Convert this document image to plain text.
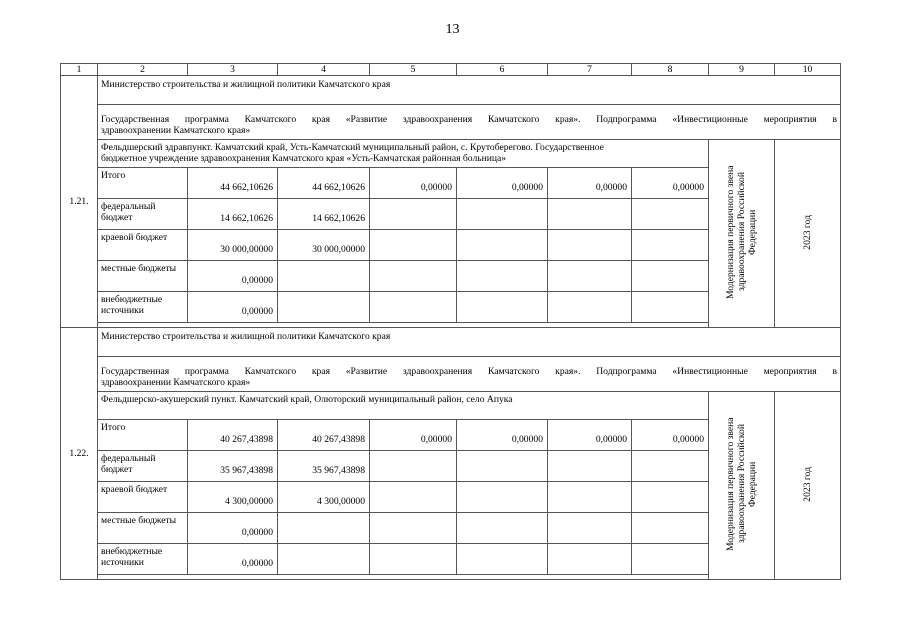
13
1	2	3	4	5	6	7	8	9	10
1.21.	Министерство строительства и жилищной политики Камчатского края								

	Государственная программа Камчатского края «Развитие здравоохранения Камчатского края». Подпрограмма «Инвестиционные мероприятия в
здравоохранении Камчатского края»								

	Фельдшерский здравпункт. Камчатский край, Усть-Камчатский муниципальный район, с. Крутоберегово. Государственное
бюджетное учреждение здравоохранения Камчатского края «Усть-Камчатская районная больница»							Модернизация первичного звена здравоохранения Российской Федерации	2023 год
	Итого	44 662,10626	44 662,10626	0,00000	0,00000	0,00000	0,00000		
	федеральный бюджет	14 662,10626	14 662,10626						
	краевой бюджет	30 000,00000	30 000,00000						
	местные бюджеты	0,00000							
	внебюджетные источники	0,00000							

1.22.	Министерство строительства и жилищной политики Камчатского края								

	Государственная программа Камчатского края «Развитие здравоохранения Камчатского края». Подпрограмма «Инвестиционные мероприятия в
здравоохранении Камчатского края»								

	Фельдшерско-акушерский пункт. Камчатский край, Олюторский муниципальный район, село Апука							Модернизация первичного звена здравоохранения Российской Федерации	2023 год
	Итого	40 267,43898	40 267,43898	0,00000	0,00000	0,00000	0,00000		
	федеральный бюджет	35 967,43898	35 967,43898						
	краевой бюджет	4 300,00000	4 300,00000						
	местные бюджеты	0,00000							
	внебюджетные источники	0,00000							
